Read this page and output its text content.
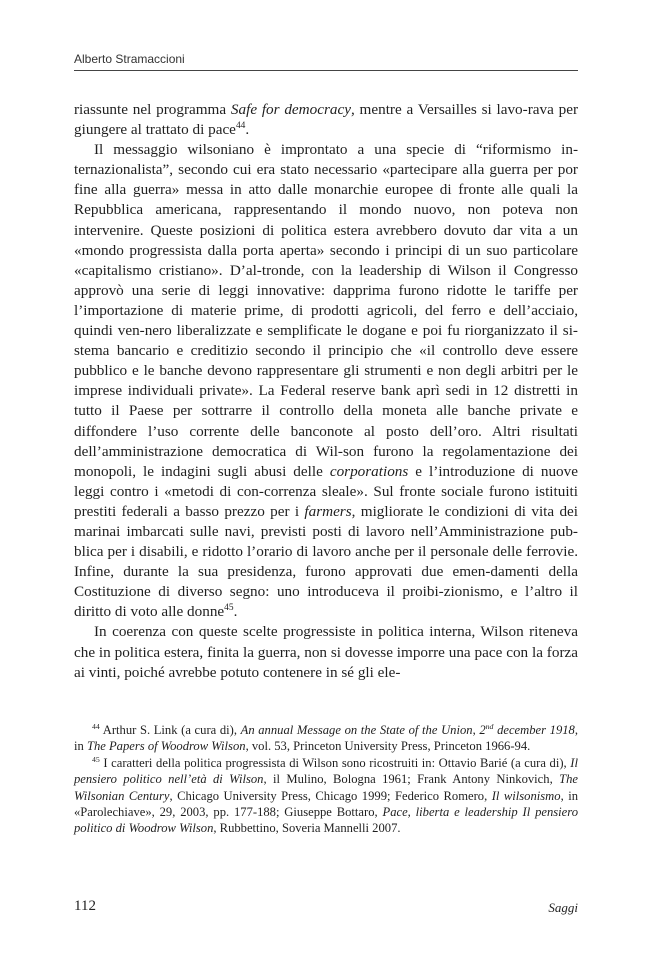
Alberto Stramaccioni

riassunte nel programma Safe for democracy, mentre a Versailles si lavo-rava per giungere al trattato di pace$^{44}$.

Il messaggio wilsoniano è improntato a una specie di “riformismo in-ternazionalista”, secondo cui era stato necessario «partecipare alla guerra per por fine alla guerra» messa in atto dalle monarchie europee di fronte alle quali la Repubblica americana, rappresentando il mondo nuovo, non poteva non intervenire. Queste posizioni di politica estera avrebbero dovuto dar vita a un «mondo progressista dalla porta aperta» secondo i principi di un suo particolare «capitalismo cristiano». D’al-tronde, con la leadership di Wilson il Congresso approvò una serie di leggi innovative: dapprima furono ridotte le tariffe per l’importazione di materie prime, di prodotti agricoli, del ferro e dell’acciaio, quindi ven-nero liberalizzate e semplificate le dogane e poi fu riorganizzato il si-stema bancario e creditizio secondo il principio che «il controllo deve essere pubblico e le banche devono rappresentare gli strumenti e non degli arbitri per le imprese individuali private». La Federal reserve bank aprì sedi in 12 distretti in tutto il Paese per sottrarre il controllo della moneta alle banche private e diffondere l’uso corrente delle banconote al posto dell’oro. Altri risultati dell’amministrazione democratica di Wil-son furono la regolamentazione dei monopoli, le indagini sugli abusi delle corporations e l’introduzione di nuove leggi contro i «metodi di con-correnza sleale». Sul fronte sociale furono istituiti prestiti federali a basso prezzo per i farmers, migliorate le condizioni di vita dei marinai imbarcati sulle navi, previsti posti di lavoro nell’Amministrazione pub-blica per i disabili, e ridotto l’orario di lavoro anche per il personale delle ferrovie. Infine, durante la sua presidenza, furono approvati due emen-damenti della Costituzione di diverso segno: uno introduceva il proibi-zionismo, e l’altro il diritto di voto alle donne$^{45}$.

In coerenza con queste scelte progressiste in politica interna, Wilson riteneva che in politica estera, finita la guerra, non si dovesse imporre una pace con la forza ai vinti, poiché avrebbe potuto contenere in sé gli ele-

$^{44}$ Arthur S. Link (a cura di), An annual Message on the State of the Union, 2nd december 1918, in The Papers of Woodrow Wilson, vol. 53, Princeton University Press, Princeton 1966-94.

$^{45}$ I caratteri della politica progressista di Wilson sono ricostruiti in: Ottavio Barié (a cura di), Il pensiero politico nell’età di Wilson, il Mulino, Bologna 1961; Frank Antony Ninkovich, The Wilsonian Century, Chicago University Press, Chicago 1999; Federico Romero, Il wilsonismo, in «Parolechiave», 29, 2003, pp. 177-188; Giuseppe Bottaro, Pace, liberta e leadership Il pensiero politico di Woodrow Wilson, Rubbettino, Soveria Mannelli 2007.

112	Saggi
